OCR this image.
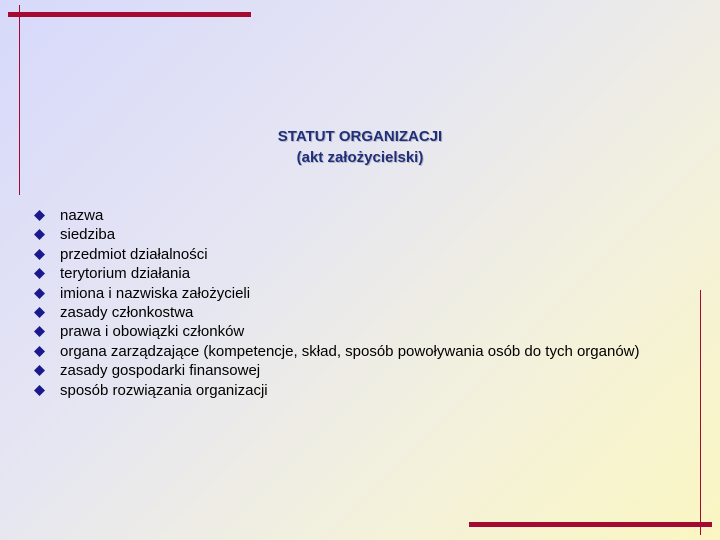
STATUT ORGANIZACJI
(akt założycielski)
nazwa
siedziba
przedmiot działalności
terytorium działania
imiona i nazwiska założycieli
zasady członkostwa
prawa i obowiązki członków
organa zarządzające (kompetencje, skład, sposób powoływania osób do tych organów)
zasady gospodarki finansowej
sposób rozwiązania organizacji
